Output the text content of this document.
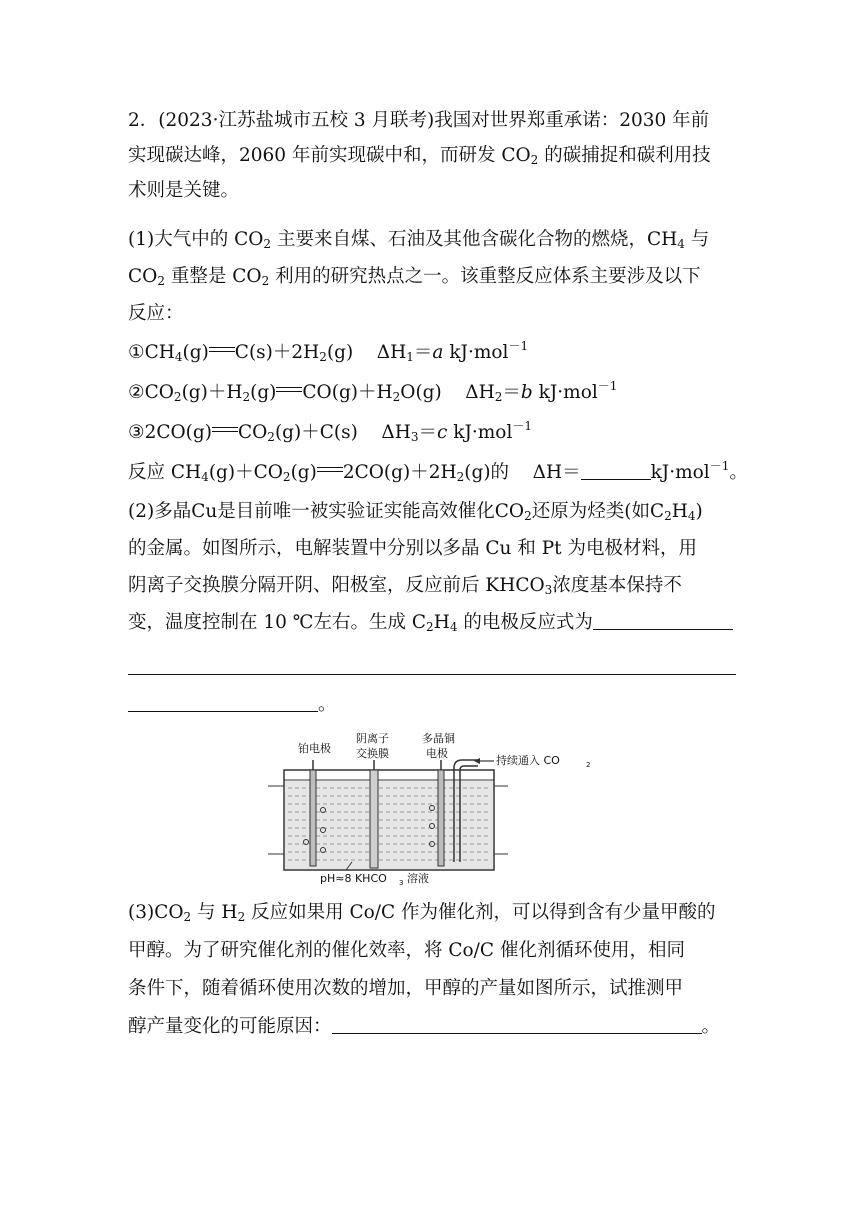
2．(2023·江苏盐城市五校 3 月联考)我国对世界郑重承诺：2030 年前
实现碳达峰，2060 年前实现碳中和，而研发 $CO_2$ 的碳捕捉和碳利用技
术则是关键。
(1)大气中的 $CO_2$ 主要来自煤、石油及其他含碳化合物的燃烧，$CH_4$ 与
$CO_2$ 重整是 $CO_2$ 利用的研究热点之一。该重整反应体系主要涉及以下
反应：
$①CH_4(g)$ $C(s)+2H_2(g)$ $\Delta H_1=a$ kJ·mol$^{-1}$
$②CO_2(g)+H_2(g)$ $CO(g)+H_2O(g)$ $\Delta H_2=b$ kJ·mol$^{-1}$
③2CO(g) $CO_2(g)+C(s)$ $\Delta H_3=c$ kJ·mol$^{-1}$
反应 $CH_4(g)+CO_2(g)$ $2CO(g)+2H_2(g)$的 ΔH＝	kJ·mol$^{-1}$。
(2)多晶Cu是目前唯一被实验证实能高效催化$CO_2$还原为烃类(如$C_2H_4$)
的金属。如图所示，电解装置中分别以多晶 Cu 和 Pt 为电极材料，用
阴离子交换膜分隔开阴、阳极室，反应前后 $KHCO_3$浓度基本保持不
变，温度控制在 10 ℃左右。生成 $C_2H_4$ 的电极反应式为
。
铂电极
阴离子
交换膜
多晶铜
电极
持续通入 CO	2
pH≈8 KHCO 3 溶液
$(3)CO_2$ 与 $H_2$ 反应如果用 Co/C 作为催化剂，可以得到含有少量甲酸的
甲醇。为了研究催化剂的催化效率，将 Co/C 催化剂循环使用，相同
条件下，随着循环使用次数的增加，甲醇的产量如图所示，试推测甲
醇产量变化的可能原因：	。
